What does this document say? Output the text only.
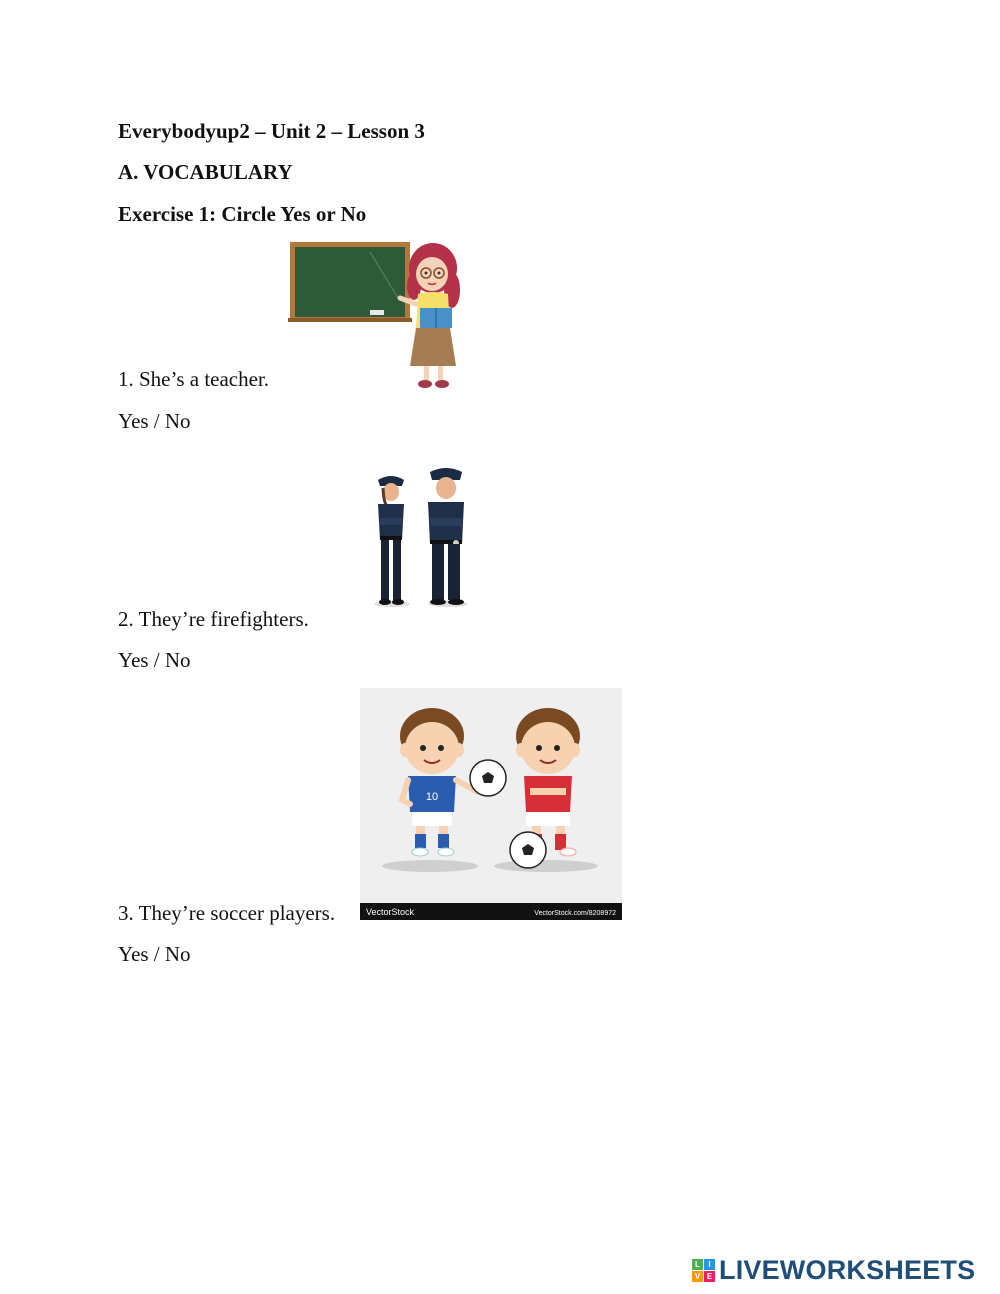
Everybodyup2 – Unit 2 – Lesson 3
A. VOCABULARY
Exercise 1: Circle Yes or No
1. She’s a teacher.
Yes / No
2. They’re firefighters.
Yes / No
10
VectorStock	VectorStock.com/8208972
3. They’re soccer players.
Yes / No
L	I
V E LIVEWORKSHEETS
